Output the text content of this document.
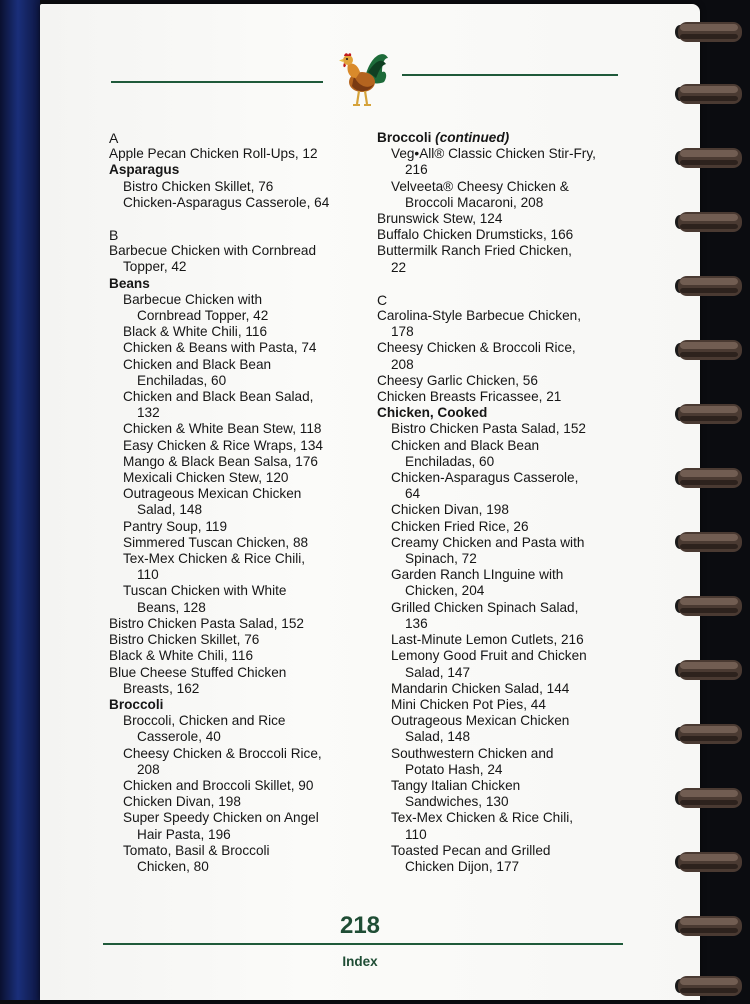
A
Apple Pecan Chicken Roll-Ups, 12
Asparagus
Bistro Chicken Skillet, 76
Chicken-Asparagus Casserole, 64
B
Barbecue Chicken with Cornbread
Topper, 42
Beans
Barbecue Chicken with
Cornbread Topper, 42
Black & White Chili, 116
Chicken & Beans with Pasta, 74
Chicken and Black Bean
Enchiladas, 60
Chicken and Black Bean Salad,
132
Chicken & White Bean Stew, 118
Easy Chicken & Rice Wraps, 134
Mango & Black Bean Salsa, 176
Mexicali Chicken Stew, 120
Outrageous Mexican Chicken
Salad, 148
Pantry Soup, 119
Simmered Tuscan Chicken, 88
Tex-Mex Chicken & Rice Chili,
110
Tuscan Chicken with White
Beans, 128
Bistro Chicken Pasta Salad, 152
Bistro Chicken Skillet, 76
Black & White Chili, 116
Blue Cheese Stuffed Chicken
Breasts, 162
Broccoli
Broccoli, Chicken and Rice
Casserole, 40
Cheesy Chicken & Broccoli Rice,
208
Chicken and Broccoli Skillet, 90
Chicken Divan, 198
Super Speedy Chicken on Angel
Hair Pasta, 196
Tomato, Basil & Broccoli
Chicken, 80
Broccoli (continued)
Veg•All® Classic Chicken Stir-Fry,
216
Velveeta® Cheesy Chicken &
Broccoli Macaroni, 208
Brunswick Stew, 124
Buffalo Chicken Drumsticks, 166
Buttermilk Ranch Fried Chicken,
22
C
Carolina-Style Barbecue Chicken,
178
Cheesy Chicken & Broccoli Rice,
208
Cheesy Garlic Chicken, 56
Chicken Breasts Fricassee, 21
Chicken, Cooked
Bistro Chicken Pasta Salad, 152
Chicken and Black Bean
Enchiladas, 60
Chicken-Asparagus Casserole,
64
Chicken Divan, 198
Chicken Fried Rice, 26
Creamy Chicken and Pasta with
Spinach, 72
Garden Ranch LInguine with
Chicken, 204
Grilled Chicken Spinach Salad,
136
Last-Minute Lemon Cutlets, 216
Lemony Good Fruit and Chicken
Salad, 147
Mandarin Chicken Salad, 144
Mini Chicken Pot Pies, 44
Outrageous Mexican Chicken
Salad, 148
Southwestern Chicken and
Potato Hash, 24
Tangy Italian Chicken
Sandwiches, 130
Tex-Mex Chicken & Rice Chili,
110
Toasted Pecan and Grilled
Chicken Dijon, 177
218
Index
